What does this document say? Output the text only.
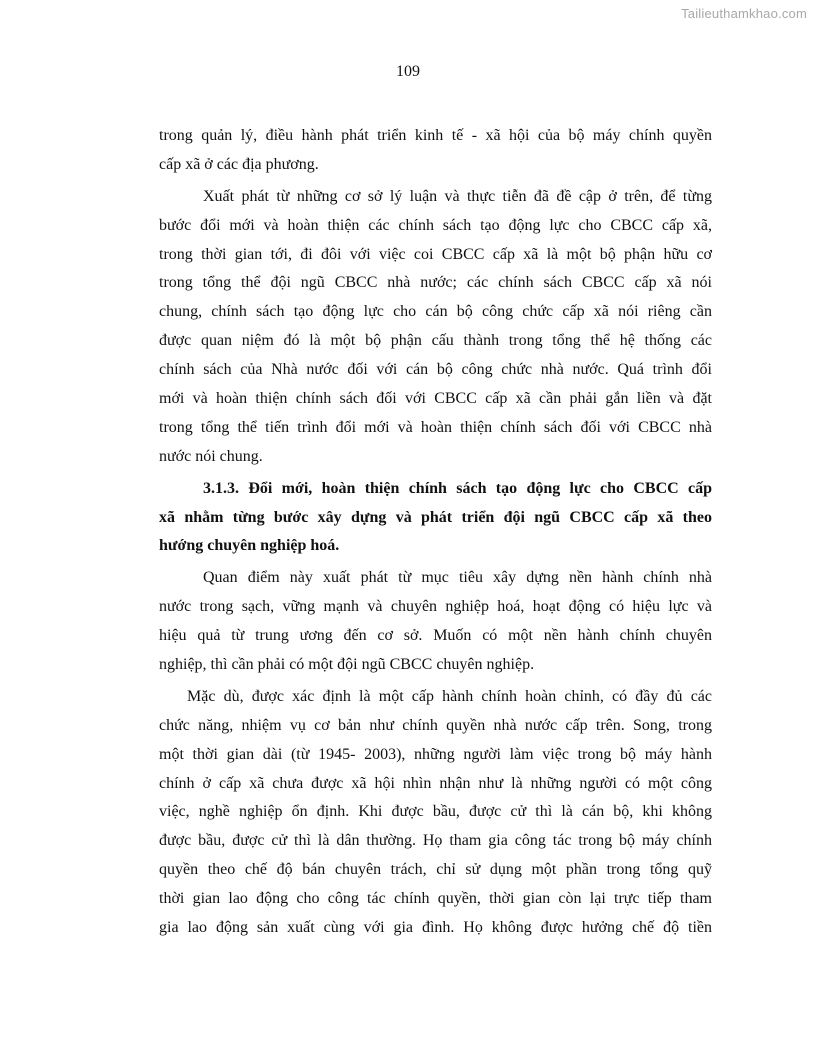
Tailieuthamkhao.com
109
trong quản lý, điều hành phát triển kinh tế - xã hội của bộ máy chính quyền
cấp xã ở các địa phương.
Xuất phát từ những cơ sở lý luận và thực tiễn đã đề cập ở trên, để từng
bước đổi mới và hoàn thiện các chính sách tạo động lực cho CBCC cấp xã,
trong thời gian tới, đi đôi với việc coi CBCC cấp xã là một bộ phận hữu cơ
trong tổng thể đội ngũ CBCC nhà nước; các chính sách CBCC cấp xã nói
chung, chính sách tạo động lực cho cán bộ công chức cấp xã nói riêng cần
được quan niệm đó là một bộ phận cấu thành trong tổng thể hệ thống các
chính sách của Nhà nước đối với cán bộ công chức nhà nước. Quá trình đổi
mới và hoàn thiện chính sách đối với CBCC cấp xã cần phải gắn liền và đặt
trong tổng thể tiến trình đổi mới và hoàn thiện chính sách đối với CBCC nhà
nước nói chung.
3.1.3. Đổi mới, hoàn thiện chính sách tạo động lực cho CBCC cấp
xã nhằm từng bước xây dựng và phát triển đội ngũ CBCC cấp xã theo
hướng chuyên nghiệp hoá.
Quan điểm này xuất phát từ mục tiêu xây dựng nền hành chính nhà
nước trong sạch, vững mạnh và chuyên nghiệp hoá, hoạt động có hiệu lực và
hiệu quả từ trung ương đến cơ sở. Muốn có một nền hành chính chuyên
nghiệp, thì cần phải có một đội ngũ CBCC chuyên nghiệp.
Mặc dù, được xác định là một cấp hành chính hoàn chỉnh, có đầy đủ các
chức năng, nhiệm vụ cơ bản như chính quyền nhà nước cấp trên. Song, trong
một thời gian dài (từ 1945- 2003), những người làm việc trong bộ máy hành
chính ở cấp xã chưa được xã hội nhìn nhận như là những người có một công
việc, nghề nghiệp ổn định. Khi được bầu, được cử thì là cán bộ, khi không
được bầu, được cử thì là dân thường. Họ tham gia công tác trong bộ máy chính
quyền theo chế độ bán chuyên trách, chỉ sử dụng một phần trong tổng quỹ
thời gian lao động cho công tác chính quyền, thời gian còn lại trực tiếp tham
gia lao động sản xuất cùng với gia đình. Họ không được hưởng chế độ tiền
